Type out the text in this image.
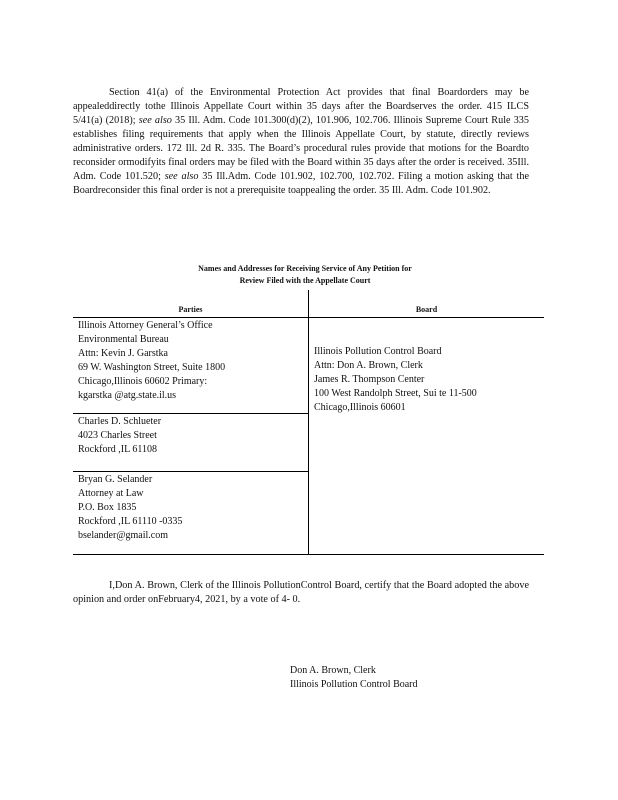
Section 41(a) of the Environmental Protection Act provides that final Boardorders may be appealeddirectly tothe Illinois Appellate Court within 35 days after the Boardserves the order. 415 ILCS 5/41(a) (2018); see also 35 Ill. Adm. Code 101.300(d)(2), 101.906, 102.706. Illinois Supreme Court Rule 335 establishes filing requirements that apply when the Illinois Appellate Court, by statute, directly reviews administrative orders. 172 Ill. 2d R. 335. The Board’s procedural rules provide that motions for the Boardto reconsider ormodifyits final orders may be filed with the Board within 35 days after the order is received. 35Ill. Adm. Code 101.520; see also 35 Ill.Adm. Code 101.902, 102.700, 102.702. Filing a motion asking that the Boardreconsider this final order is not a prerequisite toappealing the order. 35 Ill. Adm. Code 101.902.

Names and Addresses for Receiving Service of Any Petition for
Review Filed with the Appellate Court
Parties	Board
Illinois Attorney General’s Office
Environmental Bureau
Attn: Kevin J. Garstka
69 W. Washington Street, Suite 1800
Chicago,Illinois 60602 Primary:
kgarstka @atg.state.il.us
Charles D. Schlueter
4023 Charles Street
Rockford ,IL 61108
Bryan G. Selander
Attorney at Law
P.O. Box 1835
Rockford ,IL 61110 -0335
bselander@gmail.com
Illinois Pollution Control Board
Attn: Don A. Brown, Clerk
James R. Thompson Center
100 West Randolph Street, Sui te 11-500
Chicago,Illinois 60601

I,Don A. Brown, Clerk of the Illinois PollutionControl Board, certify that the Board adopted the above opinion and order onFebruary4, 2021, by a vote of 4- 0.

Don A. Brown, Clerk
Illinois Pollution Control Board
